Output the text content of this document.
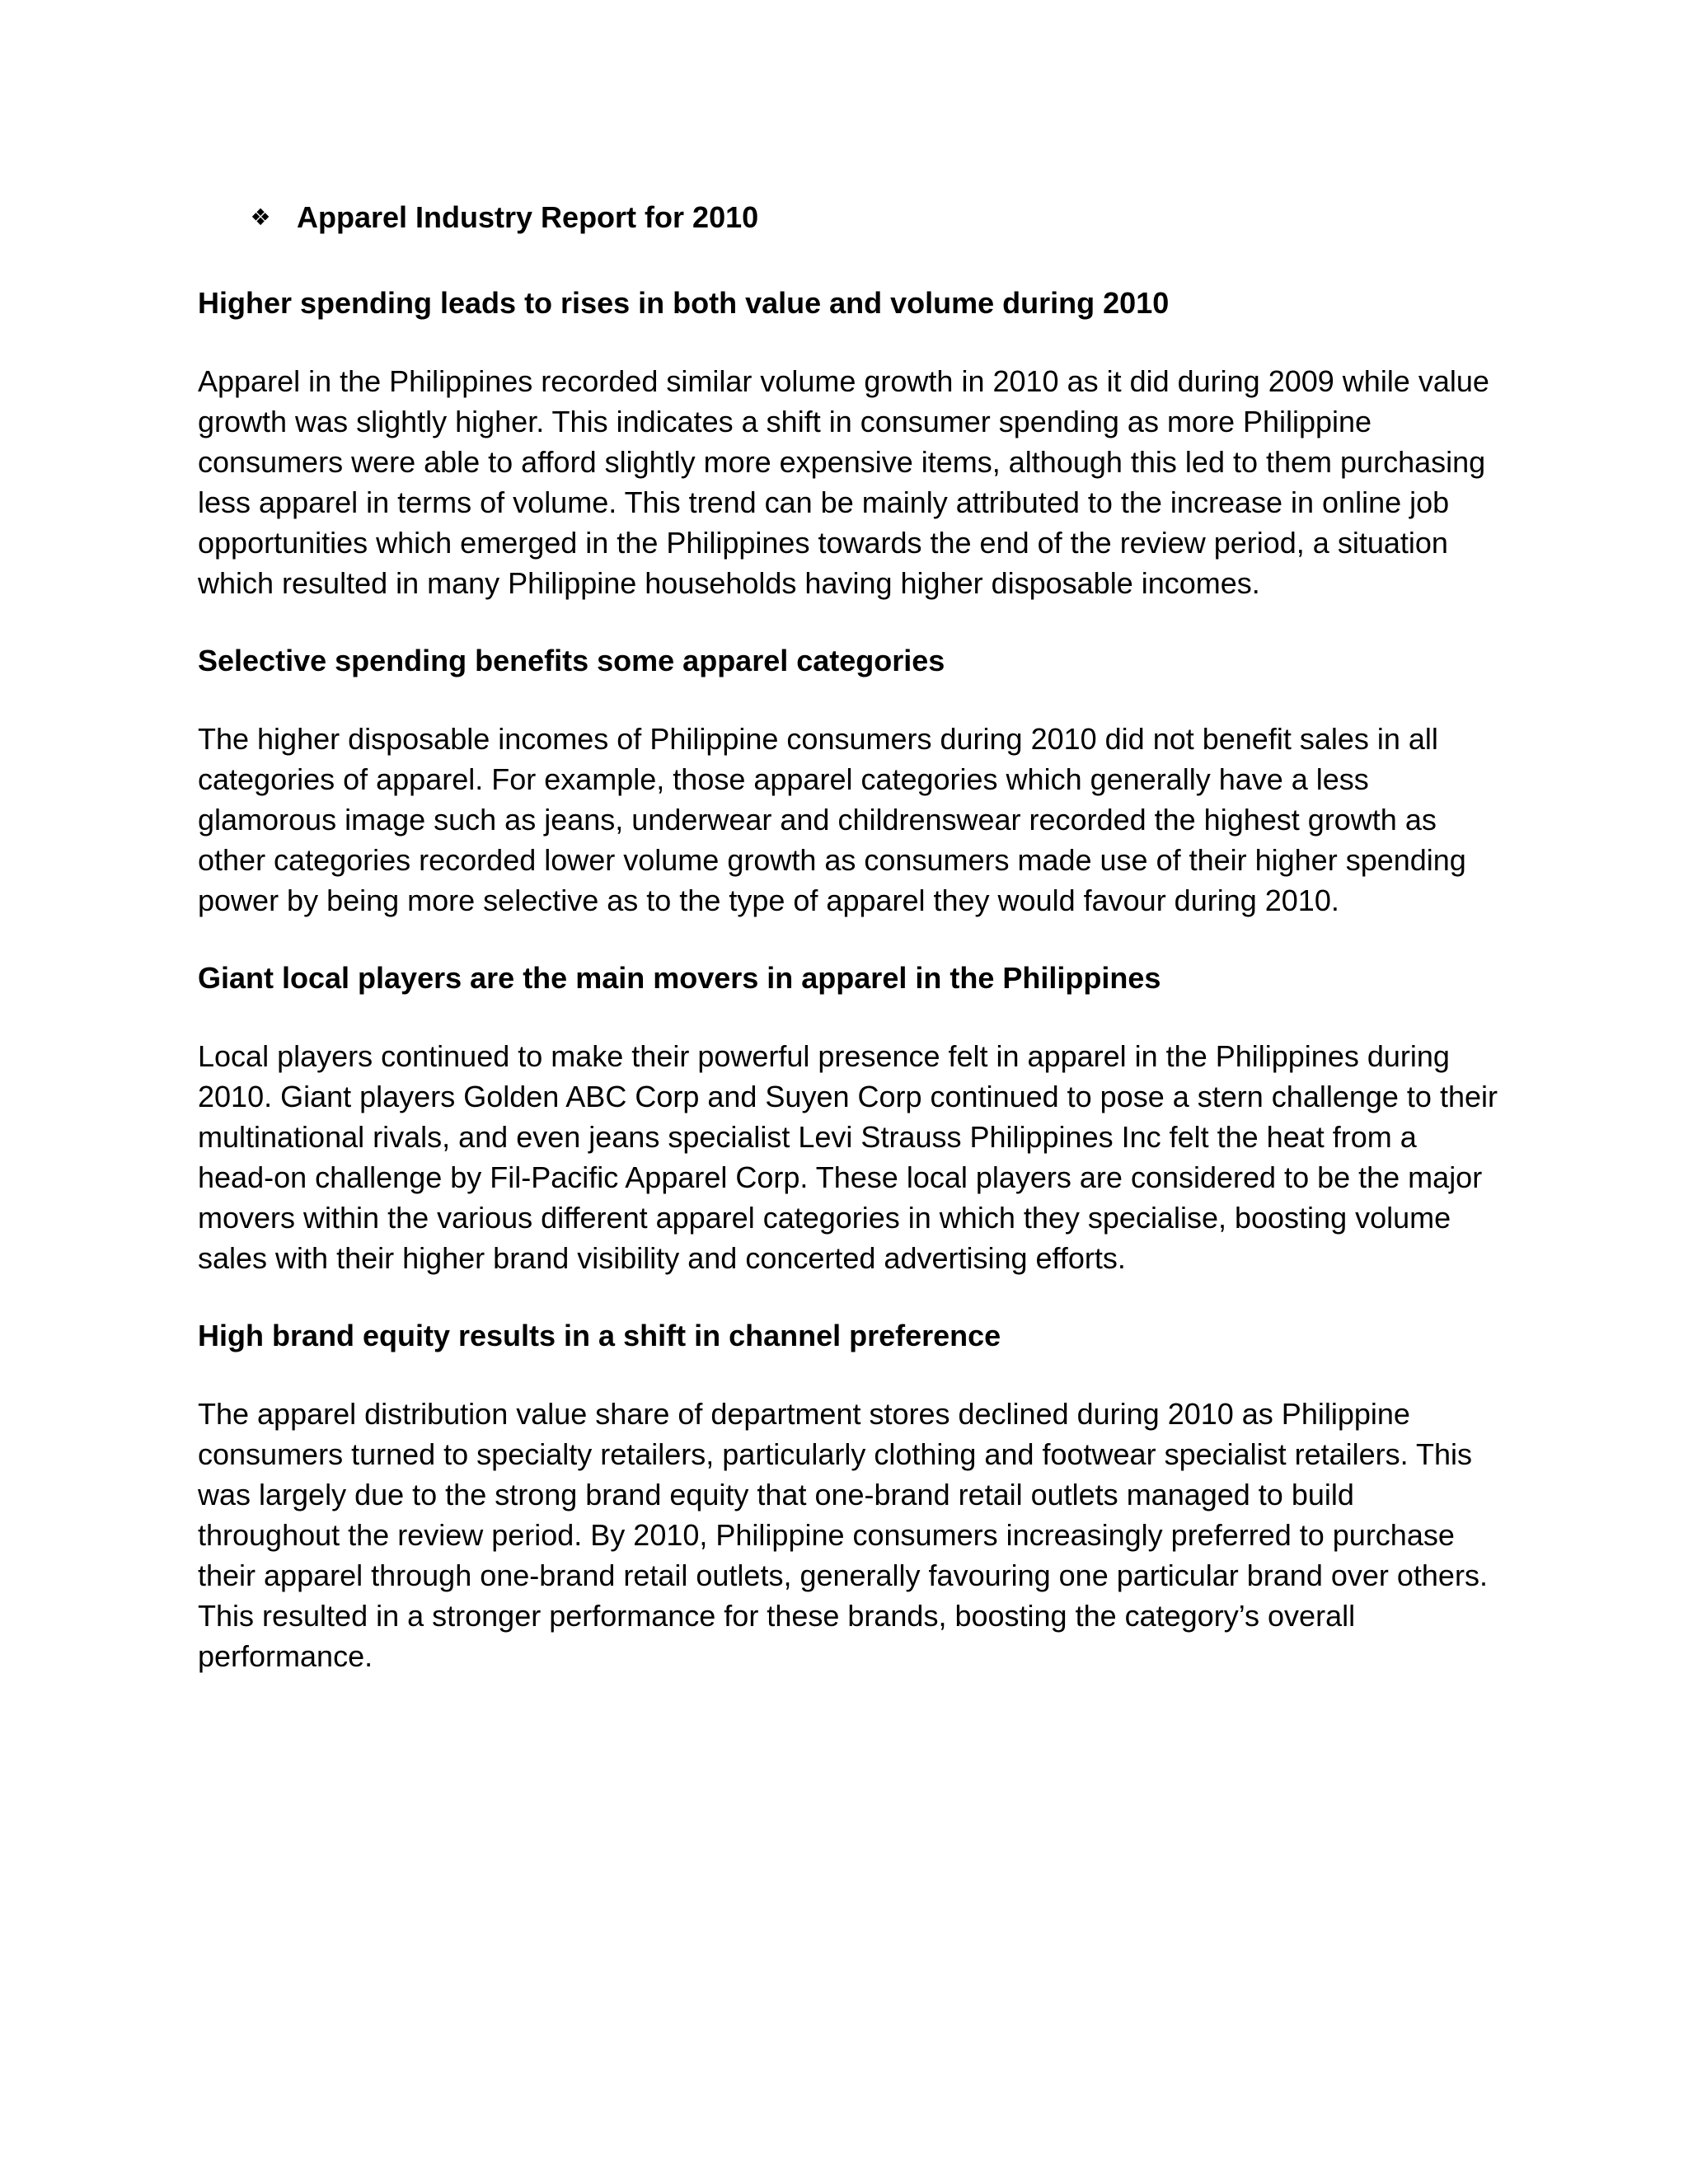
❖ Apparel Industry Report for 2010
Higher spending leads to rises in both value and volume during 2010
Apparel in the Philippines recorded similar volume growth in 2010 as it did during 2009 while value growth was slightly higher. This indicates a shift in consumer spending as more Philippine consumers were able to afford slightly more expensive items, although this led to them purchasing less apparel in terms of volume. This trend can be mainly attributed to the increase in online job opportunities which emerged in the Philippines towards the end of the review period, a situation which resulted in many Philippine households having higher disposable incomes.
Selective spending benefits some apparel categories
The higher disposable incomes of Philippine consumers during 2010 did not benefit sales in all categories of apparel. For example, those apparel categories which generally have a less glamorous image such as jeans, underwear and childrenswear recorded the highest growth as other categories recorded lower volume growth as consumers made use of their higher spending power by being more selective as to the type of apparel they would favour during 2010.
Giant local players are the main movers in apparel in the Philippines
Local players continued to make their powerful presence felt in apparel in the Philippines during 2010. Giant players Golden ABC Corp and Suyen Corp continued to pose a stern challenge to their multinational rivals, and even jeans specialist Levi Strauss Philippines Inc felt the heat from a head-on challenge by Fil-Pacific Apparel Corp. These local players are considered to be the major movers within the various different apparel categories in which they specialise, boosting volume sales with their higher brand visibility and concerted advertising efforts.
High brand equity results in a shift in channel preference
The apparel distribution value share of department stores declined during 2010 as Philippine consumers turned to specialty retailers, particularly clothing and footwear specialist retailers. This was largely due to the strong brand equity that one-brand retail outlets managed to build throughout the review period. By 2010, Philippine consumers increasingly preferred to purchase their apparel through one-brand retail outlets, generally favouring one particular brand over others. This resulted in a stronger performance for these brands, boosting the category’s overall performance.
